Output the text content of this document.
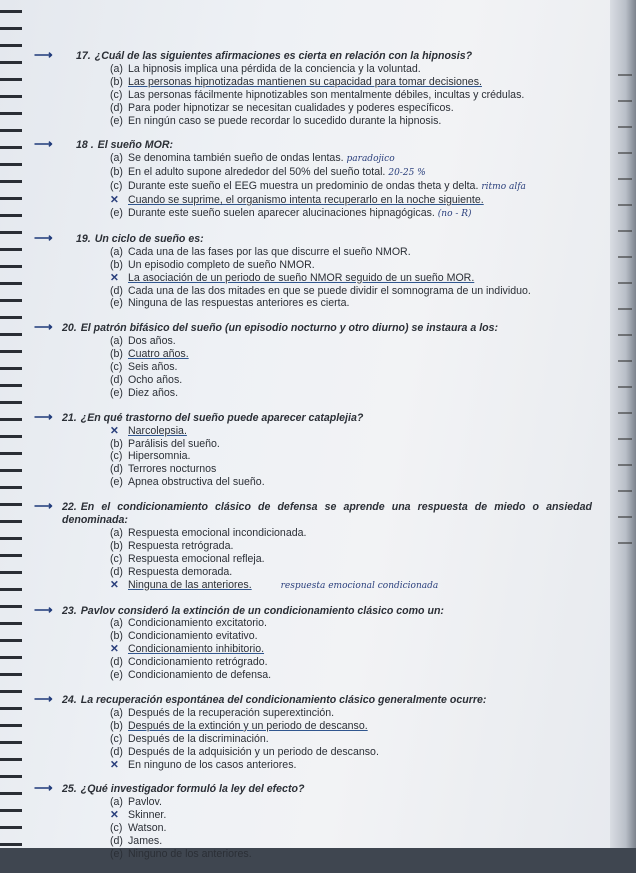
⟶	17. ¿Cuál de las siguientes afirmaciones es cierta en relación con la hipnosis?
(a) La hipnosis implica una pérdida de la conciencia y la voluntad.
(b) Las personas hipnotizadas mantienen su capacidad para tomar decisiones.
(c) Las personas fácilmente hipnotizables son mentalmente débiles, incultas y crédulas.
(d) Para poder hipnotizar se necesitan cualidades y poderes específicos.
(e) En ningún caso se puede recordar lo sucedido durante la hipnosis.
⟶	18 . El sueño MOR:
(a) Se denomina también sueño de ondas lentas. paradojico
(b) En el adulto supone alrededor del 50% del sueño total. 20-25 %
(c) Durante este sueño el EEG muestra un predominio de ondas theta y delta. ritmo alfa
✕ Cuando se suprime, el organismo intenta recuperarlo en la noche siguiente.
(e) Durante este sueño suelen aparecer alucinaciones hipnagógicas. (no - R)
⟶	19. Un ciclo de sueño es:
(a) Cada una de las fases por las que discurre el sueño NMOR.
(b) Un episodio completo de sueño NMOR.
✕ La asociación de un periodo de sueño NMOR seguido de un sueño MOR.
(d) Cada una de las dos mitades en que se puede dividir el somnograma de un individuo.
(e) Ninguna de las respuestas anteriores es cierta.
⟶ 20. El patrón bifásico del sueño (un episodio nocturno y otro diurno) se instaura a los:
(a) Dos años.
(b) Cuatro años.
(c) Seis años.
(d) Ocho años.
(e) Diez años.
⟶ 21. ¿En qué trastorno del sueño puede aparecer cataplejia?
✕ Narcolepsia.
(b) Parálisis del sueño.
(c) Hipersomnia.
(d) Terrores nocturnos
(e) Apnea obstructiva del sueño.
⟶ 22. En el condicionamiento clásico de defensa se aprende una respuesta de miedo o ansiedad denominada:
(a) Respuesta emocional incondicionada.
(b) Respuesta retrógrada.
(c) Respuesta emocional refleja.
(d) Respuesta demorada.
✕ Ninguna de las anteriores.	respuesta emocional condicionada
⟶ 23. Pavlov consideró la extinción de un condicionamiento clásico como un:
(a) Condicionamiento excitatorio.
(b) Condicionamiento evitativo.
✕ Condicionamiento inhibitorio.
(d) Condicionamiento retrógrado.
(e) Condicionamiento de defensa.
⟶ 24. La recuperación espontánea del condicionamiento clásico generalmente ocurre:
(a) Después de la recuperación superextinción.
(b) Después de la extinción y un periodo de descanso.
(c) Después de la discriminación.
(d) Después de la adquisición y un periodo de descanso.
✕ En ninguno de los casos anteriores.
⟶ 25. ¿Qué investigador formuló la ley del efecto?
(a) Pavlov.
✕ Skinner.
(c) Watson.
(d) James.
(e) Ninguno de los anteriores.
